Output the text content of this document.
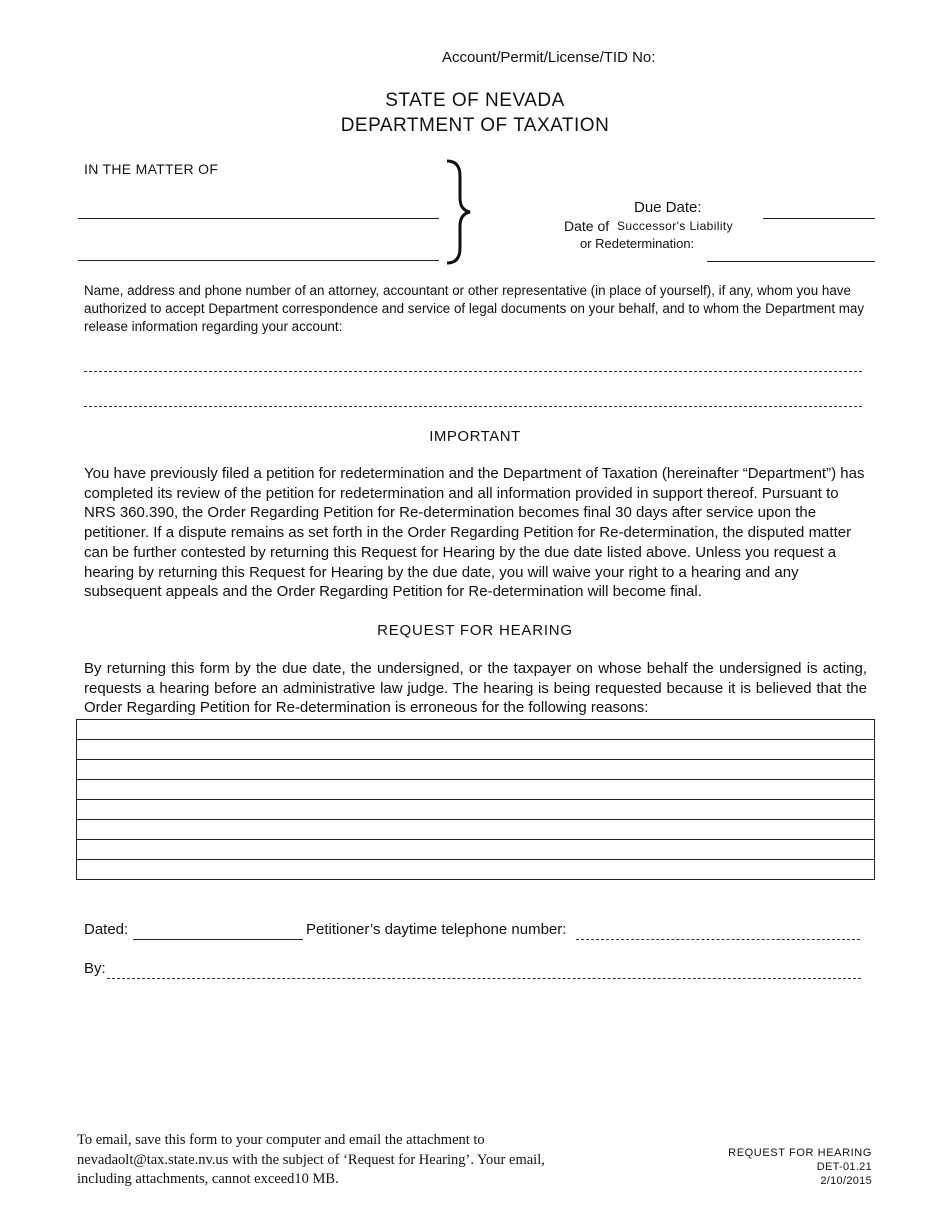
Account/Permit/License/TID No:
STATE OF NEVADA
DEPARTMENT OF TAXATION
IN THE MATTER OF
Due Date:
Date of Successor's Liability
or Redetermination:
Name, address and phone number of an attorney, accountant or other representative (in place of yourself), if any, whom you have authorized to accept Department correspondence and service of legal documents on your behalf, and to whom the Department may release information regarding your account:
IMPORTANT
You have previously filed a petition for redetermination and the Department of Taxation (hereinafter “Department”) has completed its review of the petition for redetermination and all information provided in support thereof. Pursuant to NRS 360.390, the Order Regarding Petition for Re-determination becomes final 30 days after service upon the petitioner. If a dispute remains as set forth in the Order Regarding Petition for Re-determination, the disputed matter can be further contested by returning this Request for Hearing by the due date listed above. Unless you request a hearing by returning this Request for Hearing by the due date, you will waive your right to a hearing and any subsequent appeals and the Order Regarding Petition for Re-determination will become final.
REQUEST FOR HEARING
By returning this form by the due date, the undersigned, or the taxpayer on whose behalf the undersigned is acting, requests a hearing before an administrative law judge. The hearing is being requested because it is believed that the Order Regarding Petition for Re-determination is erroneous for the following reasons:

Dated:	Petitioner’s daytime telephone number:
By:
To email, save this form to your computer and email the attachment to nevadaolt@tax.state.nv.us with the subject of ‘Request for Hearing’. Your email, including attachments, cannot exceed10 MB.
REQUEST FOR HEARING
DET-01.21
2/10/2015
